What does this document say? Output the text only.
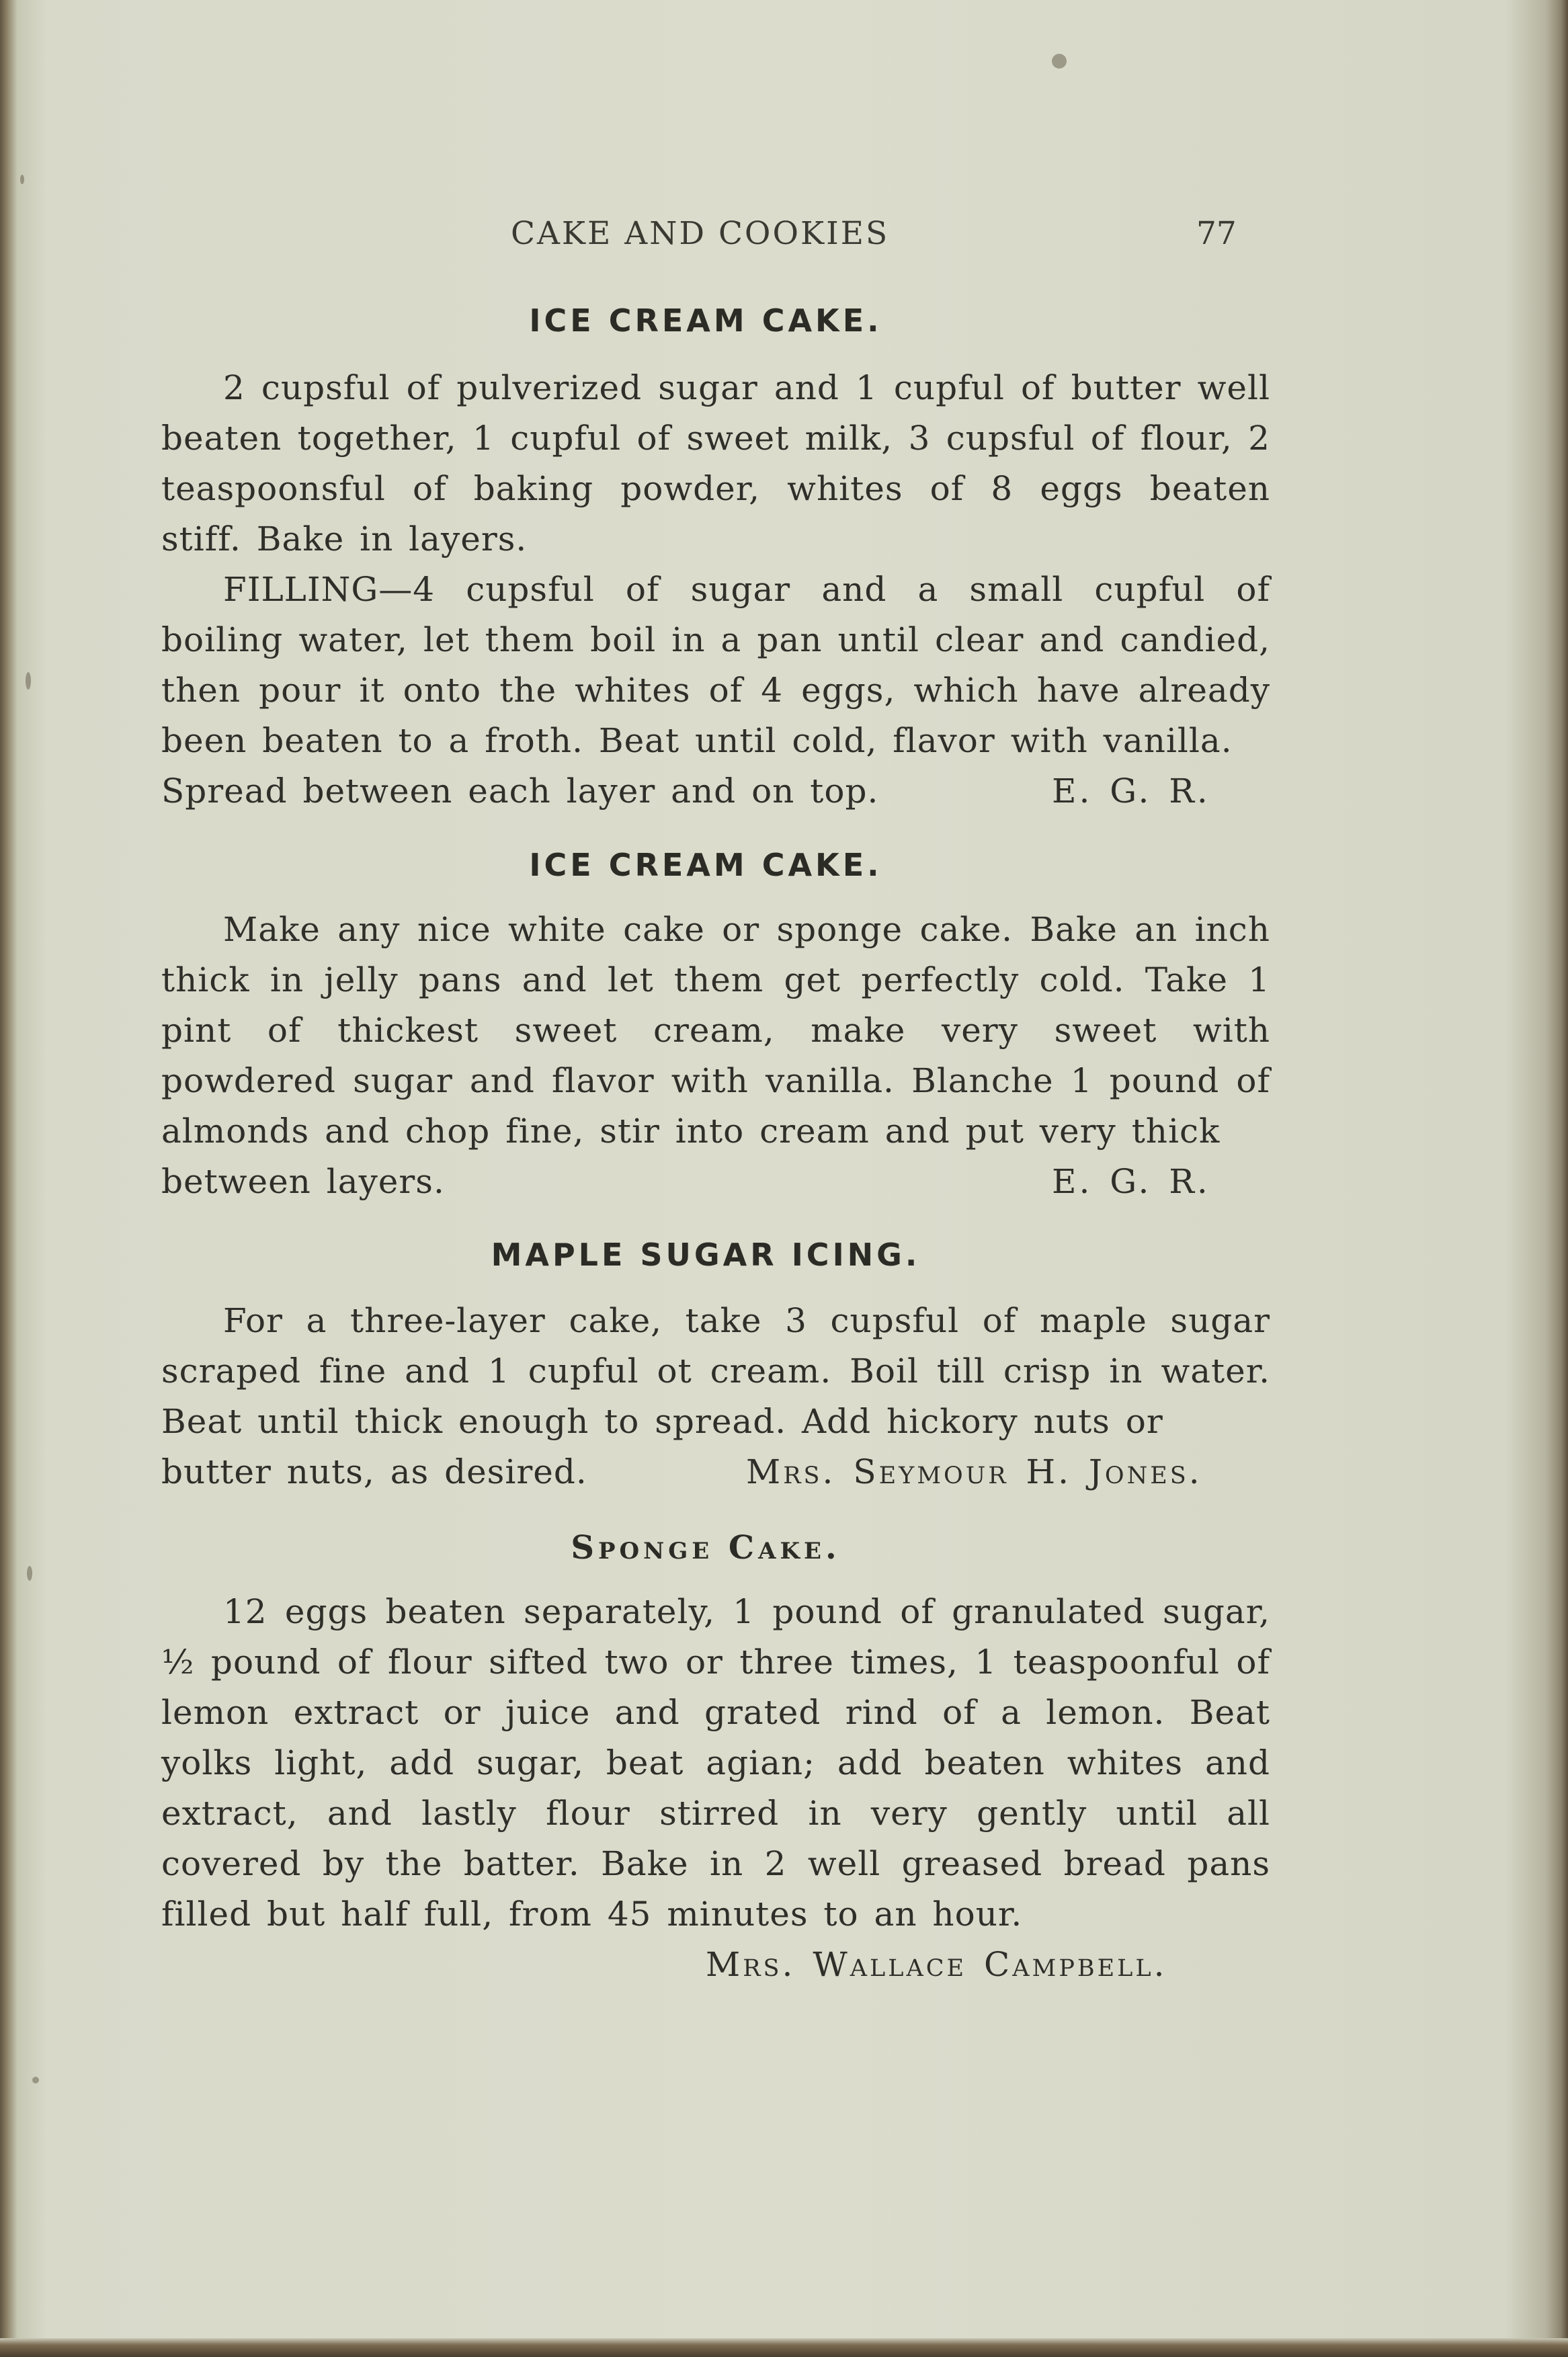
CAKE AND COOKIES	77
ICE CREAM CAKE.

2 cupsful of pulverized sugar and 1 cupful of butter well beaten together, 1 cupful of sweet milk, 3 cupsful of flour, 2 teaspoonsful of baking powder, whites of 8 eggs beaten stiff. Bake in layers.

FILLING—4 cupsful of sugar and a small cupful of boiling water, let them boil in a pan until clear and candied, then pour it onto the whites of 4 eggs, which have already been beaten to a froth. Beat until cold, flavor with vanilla.

Spread between each layer and on top.	E. G. R.
ICE CREAM CAKE.

Make any nice white cake or sponge cake. Bake an inch thick in jelly pans and let them get perfectly cold. Take 1 pint of thickest sweet cream, make very sweet with powdered sugar and flavor with vanilla. Blanche 1 pound of almonds and chop fine, stir into cream and put very thick

between layers.	E. G. R.
MAPLE SUGAR ICING.

For a three-layer cake, take 3 cupsful of maple sugar scraped fine and 1 cupful ot cream. Boil till crisp in water. Beat until thick enough to spread. Add hickory nuts or

butter nuts, as desired.	Mrs. Seymour H. Jones.
Sponge Cake.

12 eggs beaten separately, 1 pound of granulated sugar, ½ pound of flour sifted two or three times, 1 teaspoonful of lemon extract or juice and grated rind of a lemon. Beat yolks light, add sugar, beat agian; add beaten whites and extract, and lastly flour stirred in very gently until all covered by the batter. Bake in 2 well greased bread pans filled but half full, from 45 minutes to an hour.

Mrs. Wallace Campbell.
